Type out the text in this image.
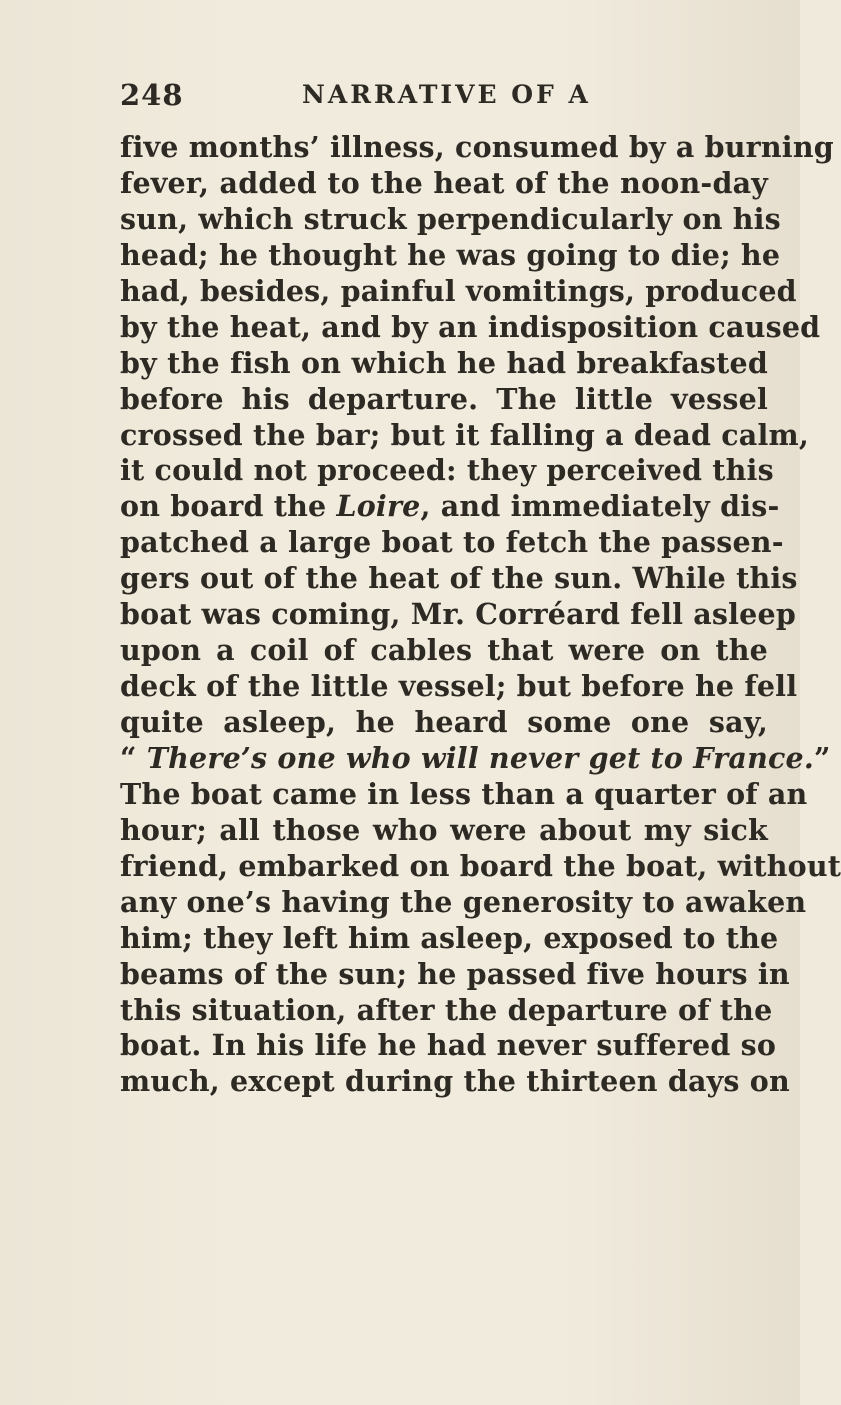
248	NARRATIVE OF A
five months’ illness, consumed by a burning
fever, added to the heat of the noon-day
sun, which struck perpendicularly on his
head; he thought he was going to die; he
had, besides, painful vomitings, produced
by the heat, and by an indisposition caused
by the fish on which he had breakfasted
before his departure. The little vessel
crossed the bar; but it falling a dead calm,
it could not proceed: they perceived this
on board the Loire, and immediately dis-
patched a large boat to fetch the passen-
gers out of the heat of the sun. While this
boat was coming, Mr. Corréard fell asleep
upon a coil of cables that were on the
deck of the little vessel; but before he fell
quite asleep, he heard some one say,
“ There’s one who will never get to France.”
The boat came in less than a quarter of an
hour; all those who were about my sick
friend, embarked on board the boat, without
any one’s having the generosity to awaken
him; they left him asleep, exposed to the
beams of the sun; he passed five hours in
this situation, after the departure of the
boat. In his life he had never suffered so
much, except during the thirteen days on
